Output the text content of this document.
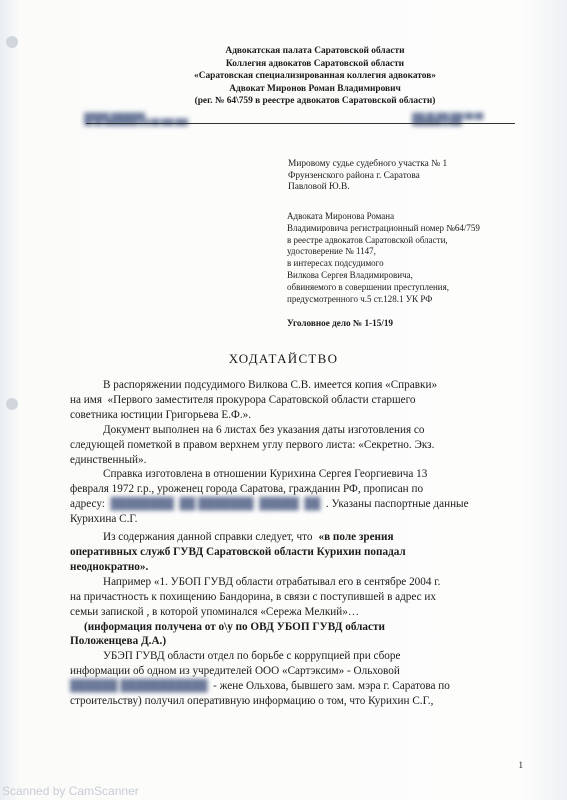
Адвокатская палата Саратовской области
Коллегия адвокатов Саратовской области
«Саратовская специализированная коллегия адвокатов»
Адвокат Миронов Роман Владимирович
(рег. № 64\759 в реестре адвокатов Саратовской области)
██████ ████████
██ ██ ████████ █ █ ██ ███ ███
███ ██ ███ ███ ██ ██
███████ █ ███
Мировому судье судебного участка № 1
Фрунзенского района г. Саратова
Павловой Ю.В.
Адвоката Миронова Романа
Владимировича регистрационный номер №64/759
в реестре адвокатов Саратовской области,
удостоверение № 1147,
в интересах подсудимого
Вилкова Сергея Владимировича,
обвиняемого в совершении преступления,
предусмотренного ч.5 ст.128.1 УК РФ
Уголовное дело № 1-15/19
ХОДАТАЙСТВО
В распоряжении подсудимого Вилкова С.В. имеется копия «Справки»
на имя  «Первого заместителя прокурора Саратовской области старшего
советника юстиции Григорьева Е.Ф.».
Документ выполнен на 6 листах без указания даты изготовления со
следующей пометкой в правом верхнем углу первого листа: «Секретно. Экз.
единственный».
Справка изготовлена в отношении Курихина Сергея Георгиевича 13
февраля 1972 г.р., уроженец города Саратова, гражданин РФ, прописан по
адресу: ████████  ██ ███████  █████  ██ . Указаны паспортные данные
Курихина С.Г.
Из содержания данной справки следует, что «в поле зрения
оперативных служб ГУВД Саратовской области Курихин попадал
неоднократно».
Например «1. УБОП ГУВД области отрабатывал его в сентябре 2004 г.
на причастность к похищению Бандорина, в связи с поступившей в адрес их
семьи запиской , в которой упоминался «Сережа Мелкий»…
(информация получена от о\у по ОВД УБОП ГУВД области
Положенцева Д.А.)
УБЭП ГУВД области отдел по борьбе с коррупцией при сборе
информации об одном из учредителей ООО «Сартэксим» - Ольховой
██████ ███████████ - жене Ольхова, бывшего зам. мэра г. Саратова по
строительству) получил оперативную информацию о том, что Курихин С.Г.,
1
Scanned by CamScanner
